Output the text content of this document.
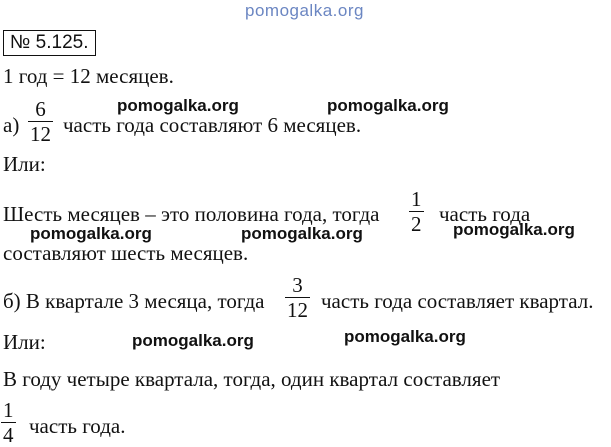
pomogalka.org
№ 5.125.
1 год = 12 месяцев.
а)
6
12 часть года составляют 6 месяцев.
pomogalka.org	pomogalka.org
Или:
Шесть месяцев – это половина года, тогда
1
2 часть года
pomogalka.org	pomogalka.org	pomogalka.org
составляют шесть месяцев.
б) В квартале 3 месяца, тогда
3
12 часть года составляет квартал.
Или:	pomogalka.org	pomogalka.org
В году четыре квартала, тогда, один квартал составляет
1
4 часть года.
